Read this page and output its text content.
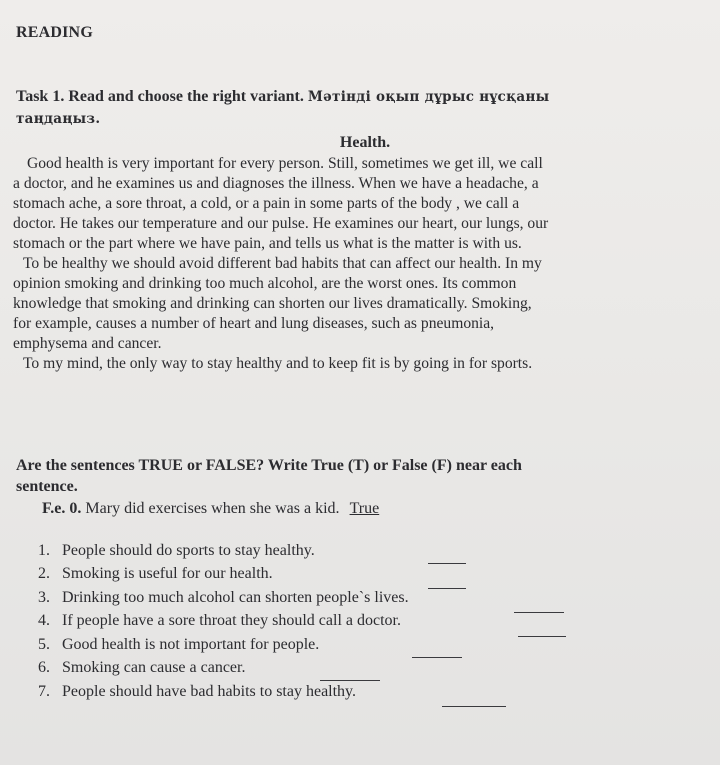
READING
Task 1. Read and choose the right variant. Мәтінді оқып дұрыс нұсқаны
таңдаңыз.
Health.
Good health is very important for every person. Still, sometimes we get ill, we call
a doctor, and he examines us and diagnoses the illness. When we have a headache, a
stomach ache, a sore throat, a cold, or a pain in some parts of the body , we call a
doctor. He takes our temperature and our pulse. He examines our heart, our lungs, our
stomach or the part where we have pain, and tells us what is the matter is with us.
To be healthy we should avoid different bad habits that can affect our health. In my
opinion smoking and drinking too much alcohol, are the worst ones. Its common
knowledge that smoking and drinking can shorten our lives dramatically. Smoking,
for example, causes a number of heart and lung diseases, such as pneumonia,
emphysema and cancer.
To my mind, the only way to stay healthy and to keep fit is by going in for sports.
Are the sentences TRUE or FALSE? Write True (T) or False (F) near each
sentence.
F.e. 0. Mary did exercises when she was a kid. True
1. People should do sports to stay healthy.
2. Smoking is useful for our health.
3. Drinking too much alcohol can shorten people`s lives.
4. If people have a sore throat they should call a doctor.
5. Good health is not important for people.
6. Smoking can cause a cancer.
7. People should have bad habits to stay healthy.
